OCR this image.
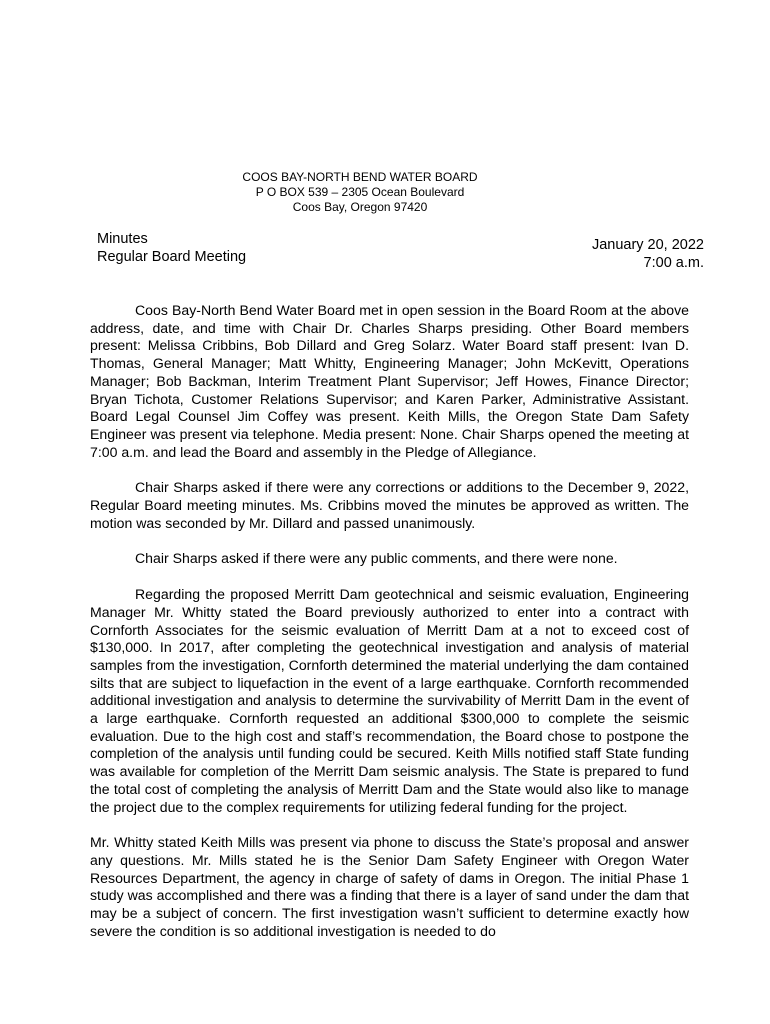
COOS BAY-NORTH BEND WATER BOARD
P O BOX 539 – 2305 Ocean Boulevard
Coos Bay, Oregon 97420
Minutes
Regular Board Meeting
January 20, 2022
7:00 a.m.

Coos Bay-North Bend Water Board met in open session in the Board Room at the above address, date, and time with Chair Dr. Charles Sharps presiding. Other Board members present: Melissa Cribbins, Bob Dillard and Greg Solarz. Water Board staff present: Ivan D. Thomas, General Manager; Matt Whitty, Engineering Manager; John McKevitt, Operations Manager; Bob Backman, Interim Treatment Plant Supervisor; Jeff Howes, Finance Director; Bryan Tichota, Customer Relations Supervisor; and Karen Parker, Administrative Assistant. Board Legal Counsel Jim Coffey was present. Keith Mills, the Oregon State Dam Safety Engineer was present via telephone. Media present: None. Chair Sharps opened the meeting at 7:00 a.m. and lead the Board and assembly in the Pledge of Allegiance.

Chair Sharps asked if there were any corrections or additions to the December 9, 2022, Regular Board meeting minutes. Ms. Cribbins moved the minutes be approved as written. The motion was seconded by Mr. Dillard and passed unanimously.

Chair Sharps asked if there were any public comments, and there were none.

Regarding the proposed Merritt Dam geotechnical and seismic evaluation, Engineering Manager Mr. Whitty stated the Board previously authorized to enter into a contract with Cornforth Associates for the seismic evaluation of Merritt Dam at a not to exceed cost of $130,000. In 2017, after completing the geotechnical investigation and analysis of material samples from the investigation, Cornforth determined the material underlying the dam contained silts that are subject to liquefaction in the event of a large earthquake. Cornforth recommended additional investigation and analysis to determine the survivability of Merritt Dam in the event of a large earthquake. Cornforth requested an additional $300,000 to complete the seismic evaluation. Due to the high cost and staff’s recommendation, the Board chose to postpone the completion of the analysis until funding could be secured. Keith Mills notified staff State funding was available for completion of the Merritt Dam seismic analysis. The State is prepared to fund the total cost of completing the analysis of Merritt Dam and the State would also like to manage the project due to the complex requirements for utilizing federal funding for the project.

Mr. Whitty stated Keith Mills was present via phone to discuss the State’s proposal and answer any questions. Mr. Mills stated he is the Senior Dam Safety Engineer with Oregon Water Resources Department, the agency in charge of safety of dams in Oregon. The initial Phase 1 study was accomplished and there was a finding that there is a layer of sand under the dam that may be a subject of concern. The first investigation wasn’t sufficient to determine exactly how severe the condition is so additional investigation is needed to do
